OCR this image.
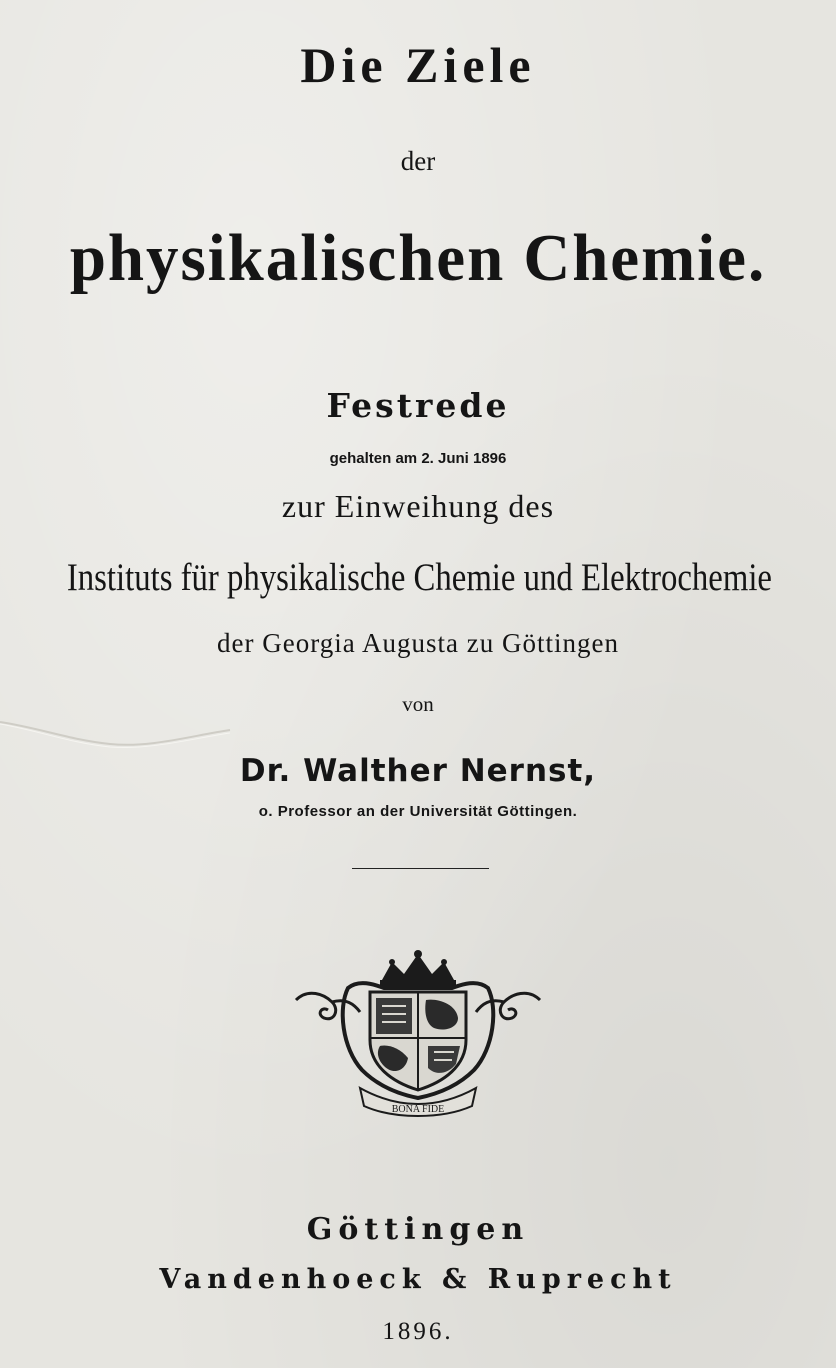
Die Ziele
der
physikalischen Chemie.
Festrede
gehalten am 2. Juni 1896
zur Einweihung des
Instituts für physikalische Chemie und Elektrochemie
der Georgia Augusta zu Göttingen
von
Dr. Walther Nernst,
o. Professor an der Universität Göttingen.
BONA FIDE
Göttingen
Vandenhoeck & Ruprecht
1896.
